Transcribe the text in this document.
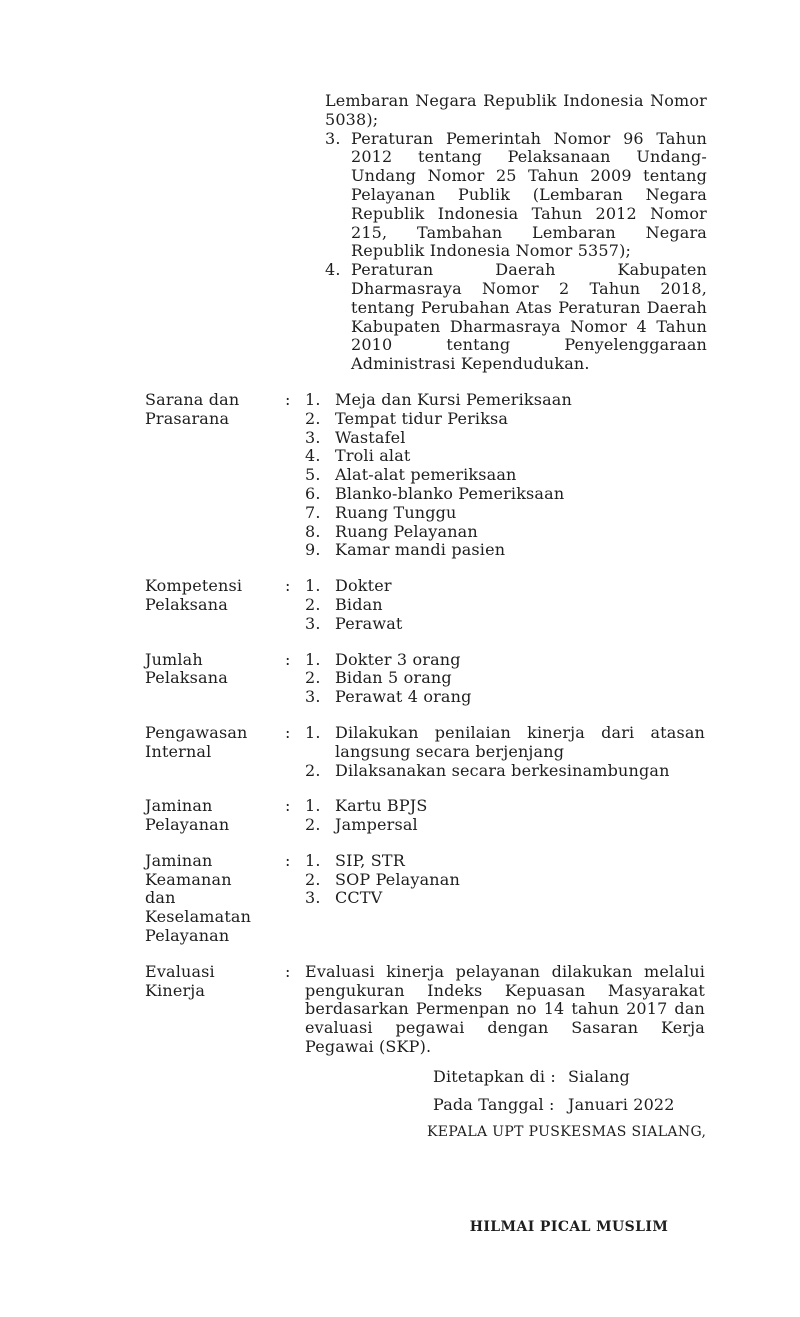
Lembaran Negara Republik Indonesia Nomor 5038);

3. Peraturan Pemerintah Nomor 96 Tahun 2012 tentang Pelaksanaan Undang-Undang Nomor 25 Tahun 2009 tentang Pelayanan Publik (Lembaran Negara Republik Indonesia Tahun 2012 Nomor 215, Tambahan Lembaran Negara Republik Indonesia Nomor 5357);
4. Peraturan Daerah Kabupaten Dharmasraya Nomor 2 Tahun 2018, tentang Perubahan Atas Peraturan Daerah Kabupaten Dharmasraya Nomor 4 Tahun 2010 tentang Penyelenggaraan Administrasi Kependudukan.
Sarana dan Prasarana
:	Meja dan Kursi Pemeriksaan
Tempat tidur Periksa
Wastafel
Troli alat
Alat-alat pemeriksaan
Blanko-blanko Pemeriksaan
Ruang Tunggu
Ruang Pelayanan
Kamar mandi pasien
Kompetensi Pelaksana
:	Dokter
Bidan
Perawat
Jumlah Pelaksana
:	Dokter 3 orang
Bidan 5 orang
Perawat 4 orang
Pengawasan Internal
:	Dilakukan penilaian kinerja dari atasan langsung secara berjenjang
Dilaksanakan secara berkesinambungan
Jaminan Pelayanan
:	Kartu BPJS
Jampersal
Jaminan Keamanan dan Keselamatan Pelayanan
:	SIP, STR
SOP Pelayanan
CCTV
Evaluasi Kinerja
: Evaluasi kinerja pelayanan dilakukan melalui pengukuran Indeks Kepuasan Masyarakat berdasarkan Permenpan no 14 tahun 2017 dan evaluasi pegawai dengan Sasaran Kerja Pegawai (SKP).

Ditetapkan di : Sialang
Pada Tanggal : Januari 2022
KEPALA UPT PUSKESMAS SIALANG,
HILMAI PICAL MUSLIM
